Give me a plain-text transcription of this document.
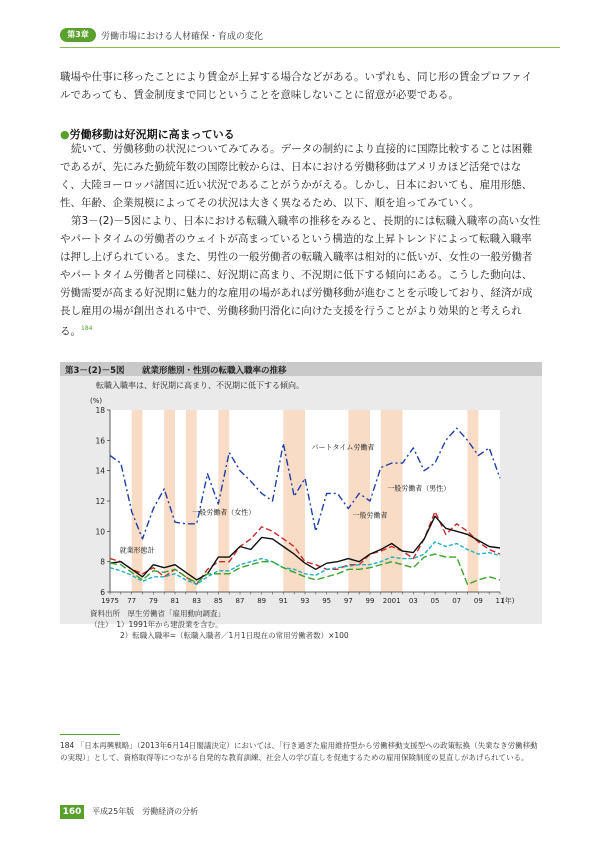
第3章	労働市場における人材確保・育成の変化

職場や仕事に移ったことにより賃金が上昇する場合などがある。いずれも、同じ形の賃金プロファイルであっても、賃金制度まで同じということを意味しないことに留意が必要である。

●労働移動は好況期に高まっている

続いて、労働移動の状況についてみてみる。データの制約により直接的に国際比較することは困難であるが、先にみた勤続年数の国際比較からは、日本における労働移動はアメリカほど活発ではなく、大陸ヨーロッパ諸国に近い状況であることがうかがえる。しかし、日本においても、雇用形態、性、年齢、企業規模によってその状況は大きく異なるため、以下、順を追ってみていく。

第3－(2)－5図により、日本における転職入職率の推移をみると、長期的には転職入職率の高い女性やパートタイムの労働者のウェイトが高まっているという構造的な上昇トレンドによって転職入職率は押し上げられている。また、男性の一般労働者の転職入職率は相対的に低いが、女性の一般労働者やパートタイム労働者と同様に、好況期に高まり、不況期に低下する傾向にある。こうした動向は、労働需要が高まる好況期に魅力的な雇用の場があれば労働移動が進むことを示唆しており、経済が成長し雇用の場が創出される中で、労働移動円滑化に向けた支援を行うことがより効果的と考えられる。$^{184}$

第3－(2)－5図 就業形態別・性別の転職入職率の推移
転職入職率は、好況期に高まり、不況期に低下する傾向。
6
8
10
12
14
16
18
1975 77 79 81 83 85 87 89 91 93 95 97 99 2001 03 05 07 09 11
(%)
(年)
パートタイム労働者
一般労働者（男性）
一般労働者（女性）	一般労働者
就業形態計
資料出所　厚生労働省「雇用動向調査」
（注）　1）1991年から建設業を含む。
　　　　2）転職入職率=（転職入職者／1月1日現在の常用労働者数）×100
184 「日本再興戦略」（2013年6月14日閣議決定）においては、「行き過ぎた雇用維持型から労働移動支援型への政策転換（失業なき労働移動の実現）」として、資格取得等につながる自発的な教育訓練、社会人の学び直しを促進するための雇用保険制度の見直しがあげられている。
160	平成25年版　労働経済の分析
